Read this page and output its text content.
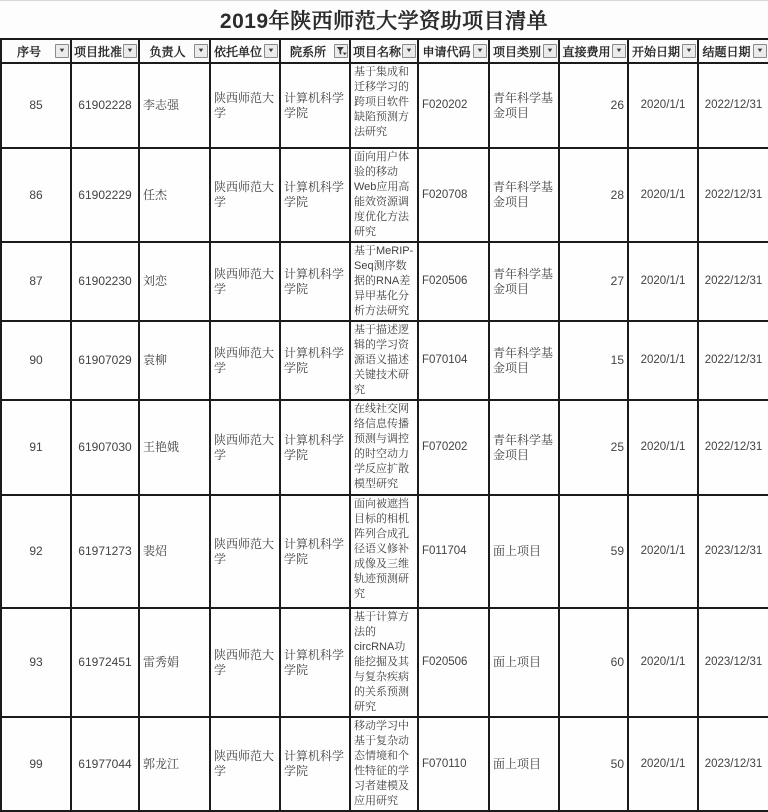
2019年陕西师范大学资助项目清单
序号 ▼	项目批准 ▼	负责人 ▼	依托单位 ▼	院系所	项目名称 ▼	申请代码 ▼	项目类别 ▼	直接费用 ▼	开始日期 ▼	结题日期 ▼

85	61902228	李志强	陕西师范大学	计算机科学学院	基于集成和迁移学习的跨项目软件缺陷预测方法研究	F020202	青年科学基金项目	26	2020/1/1	2022/12/31
86	61902229	任杰	陕西师范大学	计算机科学学院	面向用户体验的移动Web应用高能效资源调度优化方法研究	F020708	青年科学基金项目	28	2020/1/1	2022/12/31
87	61902230	刘恋	陕西师范大学	计算机科学学院	基于MeRIP-Seq测序数据的RNA差异甲基化分析方法研究	F020506	青年科学基金项目	27	2020/1/1	2022/12/31
90	61907029	袁柳	陕西师范大学	计算机科学学院	基于描述逻辑的学习资源语义描述关键技术研究	F070104	青年科学基金项目	15	2020/1/1	2022/12/31
91	61907030	王艳娥	陕西师范大学	计算机科学学院	在线社交网络信息传播预测与调控的时空动力学反应扩散模型研究	F070202	青年科学基金项目	25	2020/1/1	2022/12/31
92	61971273	裴炤	陕西师范大学	计算机科学学院	面向被遮挡目标的相机阵列合成孔径语义修补成像及三维轨迹预测研究	F011704	面上项目	59	2020/1/1	2023/12/31
93	61972451	雷秀娟	陕西师范大学	计算机科学学院	基于计算方法的circRNA功能挖掘及其与复杂疾病的关系预测研究	F020506	面上项目	60	2020/1/1	2023/12/31
99	61977044	郭龙江	陕西师范大学	计算机科学学院	移动学习中基于复杂动态情境和个性特征的学习者建模及应用研究	F070110	面上项目	50	2020/1/1	2023/12/31
